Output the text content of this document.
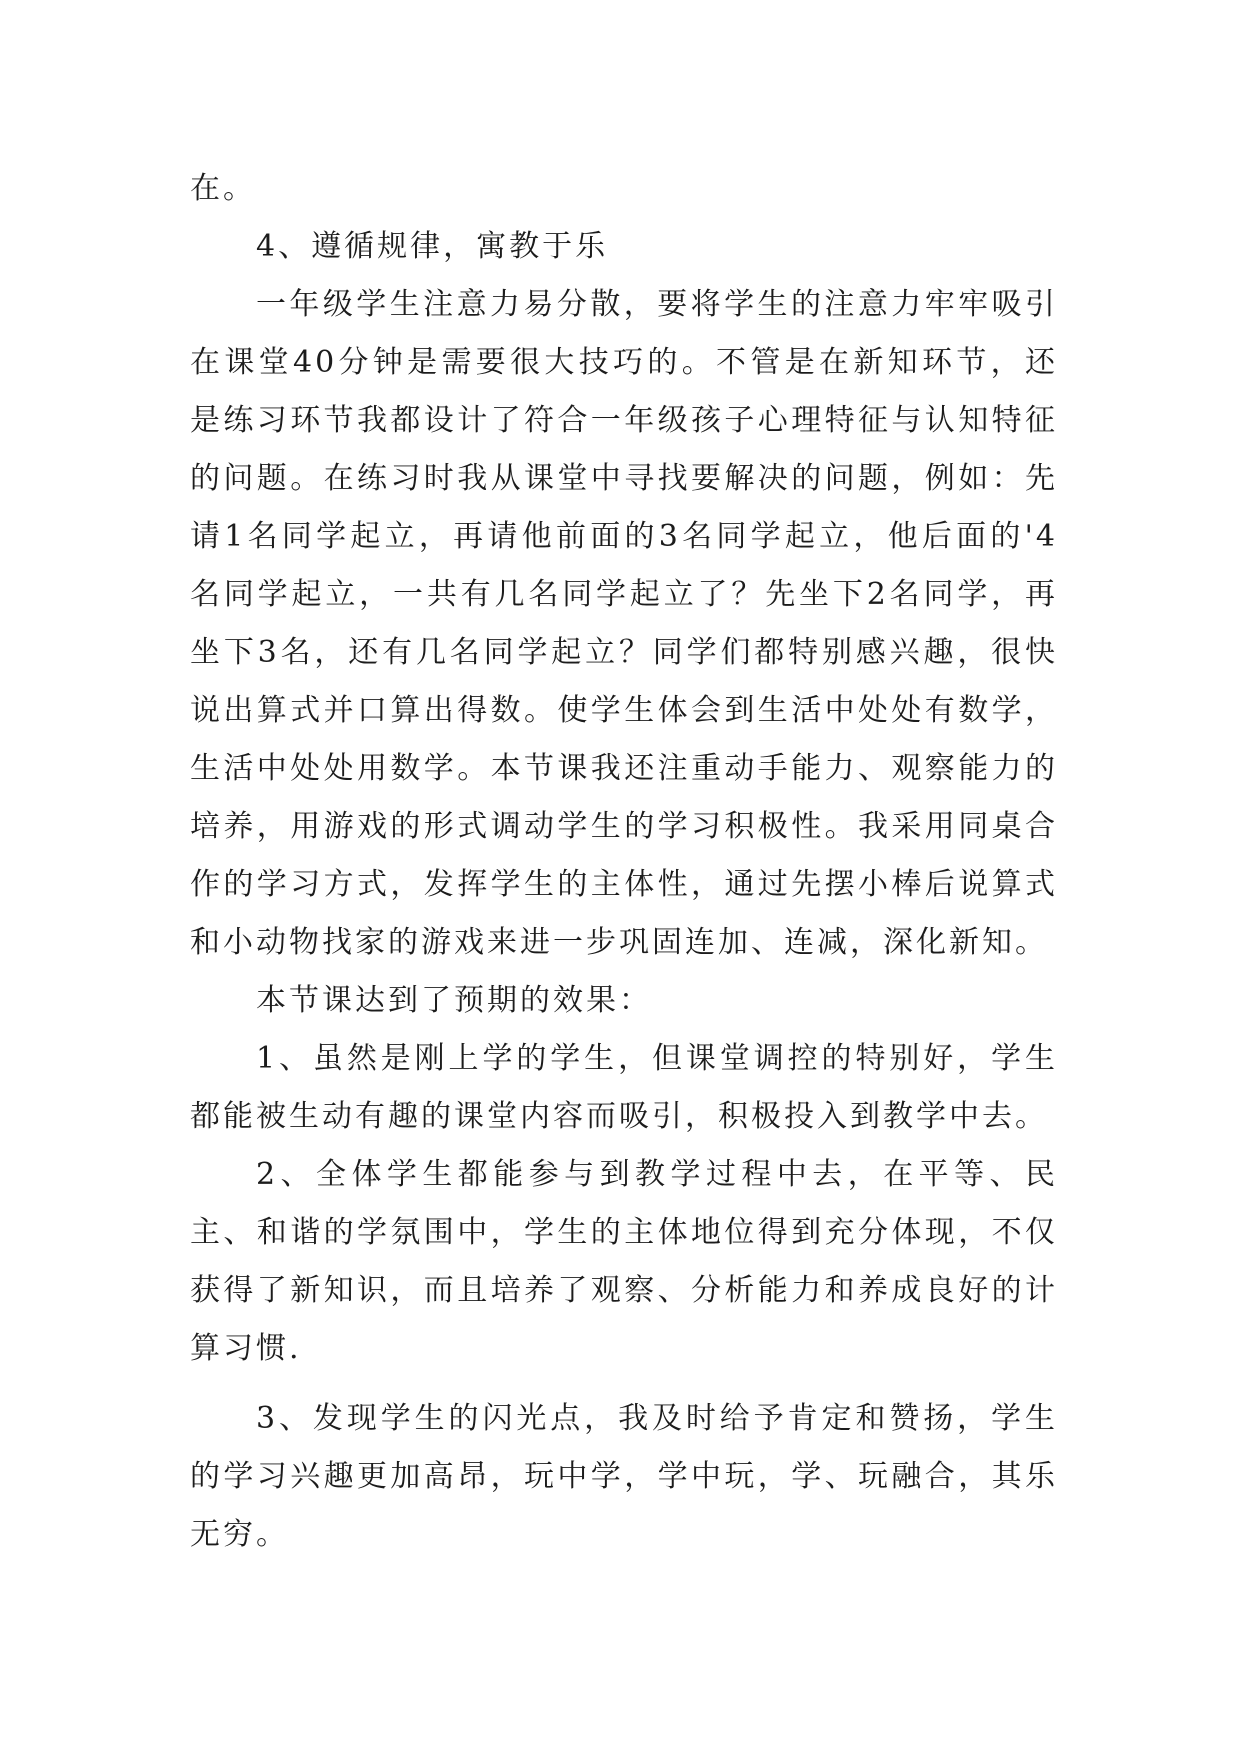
在。

4、遵循规律，寓教于乐

一年级学生注意力易分散，要将学生的注意力牢牢吸引在课堂40分钟是需要很大技巧的。不管是在新知环节，还是练习环节我都设计了符合一年级孩子心理特征与认知特征的问题。在练习时我从课堂中寻找要解决的问题，例如：先请1名同学起立，再请他前面的3名同学起立，他后面的'4名同学起立，一共有几名同学起立了？先坐下2名同学，再坐下3名，还有几名同学起立？同学们都特别感兴趣，很快说出算式并口算出得数。使学生体会到生活中处处有数学，生活中处处用数学。本节课我还注重动手能力、观察能力的培养，用游戏的形式调动学生的学习积极性。我采用同桌合作的学习方式，发挥学生的主体性，通过先摆小棒后说算式和小动物找家的游戏来进一步巩固连加、连减，深化新知。

本节课达到了预期的效果：

1、虽然是刚上学的学生，但课堂调控的特别好，学生都能被生动有趣的课堂内容而吸引，积极投入到教学中去。

2、全体学生都能参与到教学过程中去，在平等、民主、和谐的学氛围中，学生的主体地位得到充分体现，不仅获得了新知识，而且培养了观察、分析能力和养成良好的计算习惯.

3、发现学生的闪光点，我及时给予肯定和赞扬，学生的学习兴趣更加高昂，玩中学，学中玩，学、玩融合，其乐无穷。
